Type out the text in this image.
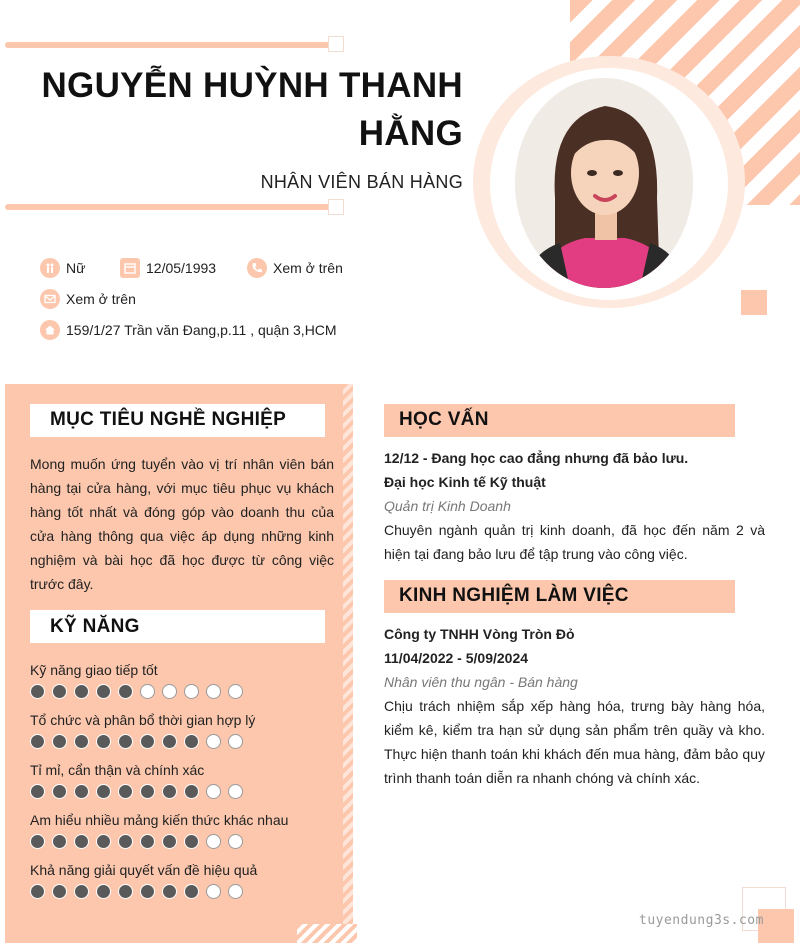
NGUYỄN HUỲNH THANH
HẰNG
NHÂN VIÊN BÁN HÀNG
Nữ	12/05/1993	Xem ở trên
Xem ở trên
159/1/27 Trần văn Đang,p.11 , quận 3,HCM
MỤC TIÊU NGHỀ NGHIỆP
Mong muốn ứng tuyển vào vị trí nhân viên bán hàng tại cửa hàng, với mục tiêu phục vụ khách hàng tốt nhất và đóng góp vào doanh thu của cửa hàng thông qua việc áp dụng những kinh nghiệm và bài học đã học được từ công việc trước đây.
KỸ NĂNG
Kỹ năng giao tiếp tốt
Tổ chức và phân bổ thời gian hợp lý
Tỉ mỉ, cẩn thận và chính xác
Am hiểu nhiều mảng kiến thức khác nhau
Khả năng giải quyết vấn đề hiệu quả
HỌC VẤN
12/12 - Đang học cao đẳng nhưng đã bảo lưu.
Đại học Kinh tế Kỹ thuật
Quản trị Kinh Doanh
Chuyên ngành quản trị kinh doanh, đã học đến năm 2 và hiện tại đang bảo lưu để tập trung vào công việc.
KINH NGHIỆM LÀM VIỆC
Công ty TNHH Vòng Tròn Đỏ
11/04/2022 - 5/09/2024
Nhân viên thu ngân - Bán hàng
Chịu trách nhiệm sắp xếp hàng hóa, trưng bày hàng hóa, kiểm kê, kiểm tra hạn sử dụng sản phẩm trên quầy và kho. Thực hiện thanh toán khi khách đến mua hàng, đảm bảo quy trình thanh toán diễn ra nhanh chóng và chính xác.
tuyendung3s.com
